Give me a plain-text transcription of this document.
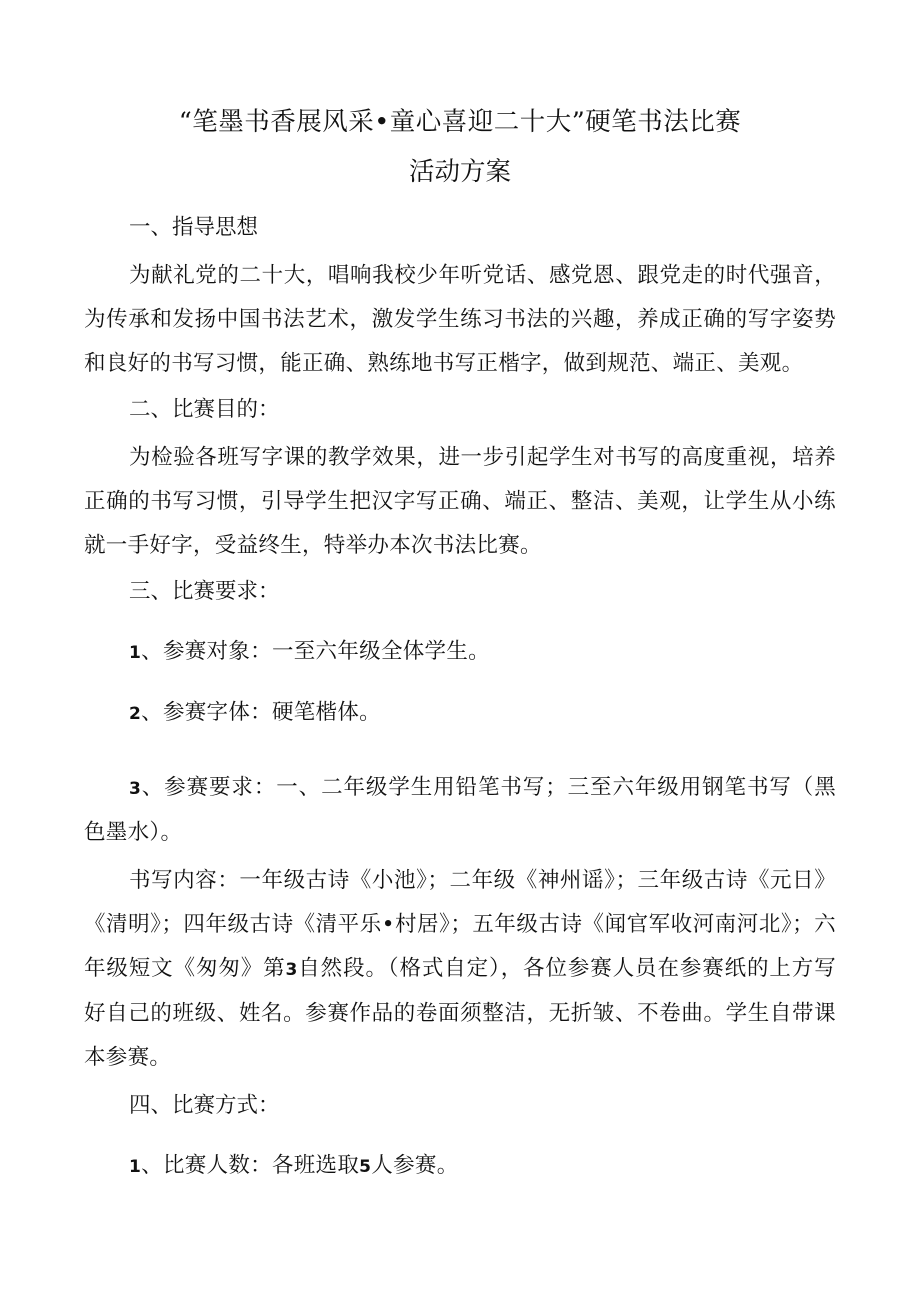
“笔墨书香展风采•童心喜迎二十大”硬笔书法比赛
活动方案

一、指导思想

为献礼党的二十大，唱响我校少年听党话、感党恩、跟党走的时代强音，为传承和发扬中国书法艺术，激发学生练习书法的兴趣，养成正确的写字姿势和良好的书写习惯，能正确、熟练地书写正楷字，做到规范、端正、美观。

二、比赛目的：

为检验各班写字课的教学效果，进一步引起学生对书写的高度重视，培养正确的书写习惯，引导学生把汉字写正确、端正、整洁、美观，让学生从小练就一手好字，受益终生，特举办本次书法比赛。

三、比赛要求：

1、参赛对象：一至六年级全体学生。

2、参赛字体：硬笔楷体。

3、参赛要求：一、二年级学生用铅笔书写；三至六年级用钢笔书写（黑色墨水）。

书写内容：一年级古诗《小池》；二年级《神州谣》；三年级古诗《元日》《清明》；四年级古诗《清平乐•村居》；五年级古诗《闻官军收河南河北》；六年级短文《匆匆》第3自然段。（格式自定），各位参赛人员在参赛纸的上方写好自己的班级、姓名。参赛作品的卷面须整洁，无折皱、不卷曲。学生自带课本参赛。

四、比赛方式：

1、比赛人数：各班选取5人参赛。
